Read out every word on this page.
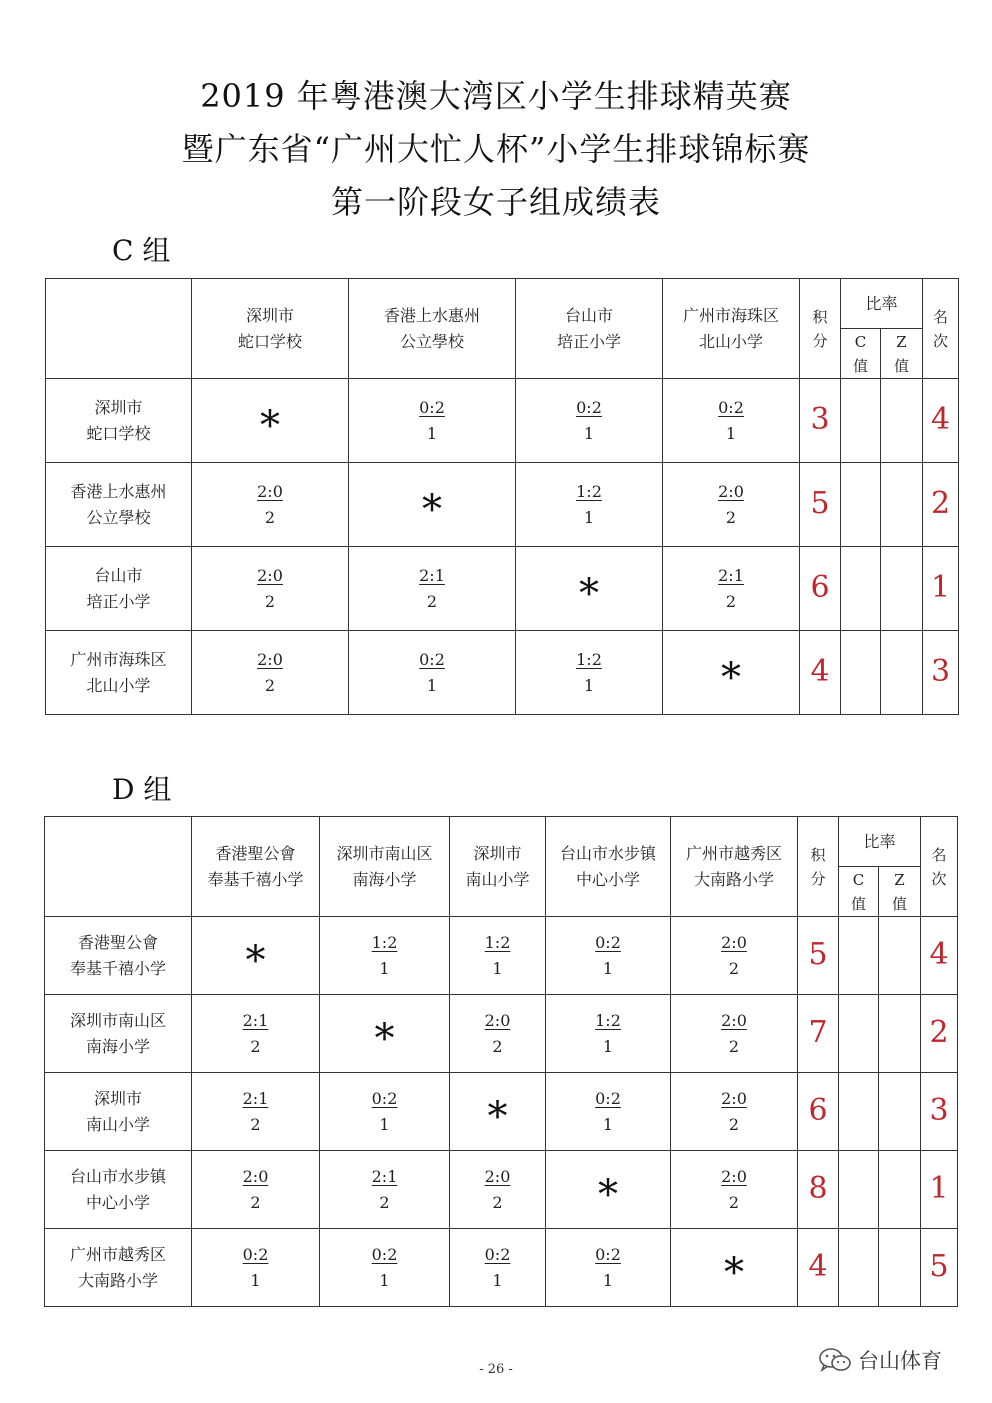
2019 年粤港澳大湾区小学生排球精英赛
暨广东省“广州大忙人杯”小学生排球锦标赛
第一阶段女子组成绩表
C 组

	深圳市
蛇口学校	香港上水惠州
公立學校	台山市
培正小学	广州市海珠区
北山小学	积
分	比率		名
次

						C
值	Z
值	

深圳市
蛇口学校	*	0:2
1	0:2
1	0:2
1	3			4

香港上水惠州
公立學校	2:0
2	*	1:2
1	2:0
2	5			2

台山市
培正小学	2:0
2	2:1
2	*	2:1
2	6			1

广州市海珠区
北山小学	2:0
2	0:2
1	1:2
1	*	4			3
D 组

	香港聖公會
奉基千禧小学	深圳市南山区
南海小学	深圳市
南山小学	台山市水步镇
中心小学	广州市越秀区
大南路小学	积
分	比率		名
次

							C
值	Z
值	

香港聖公會
奉基千禧小学	*	1:2
1	1:2
1	0:2
1	2:0
2	5			4

深圳市南山区
南海小学	2:1
2	*	2:0
2	1:2
1	2:0
2	7			2

深圳市
南山小学	2:1
2	0:2
1	*	0:2
1	2:0
2	6			3

台山市水步镇
中心小学	2:0
2	2:1
2	2:0
2	*	2:0
2	8			1

广州市越秀区
大南路小学	0:2
1	0:2
1	0:2
1	0:2
1	*	4			5
- 26 -	台山体育
